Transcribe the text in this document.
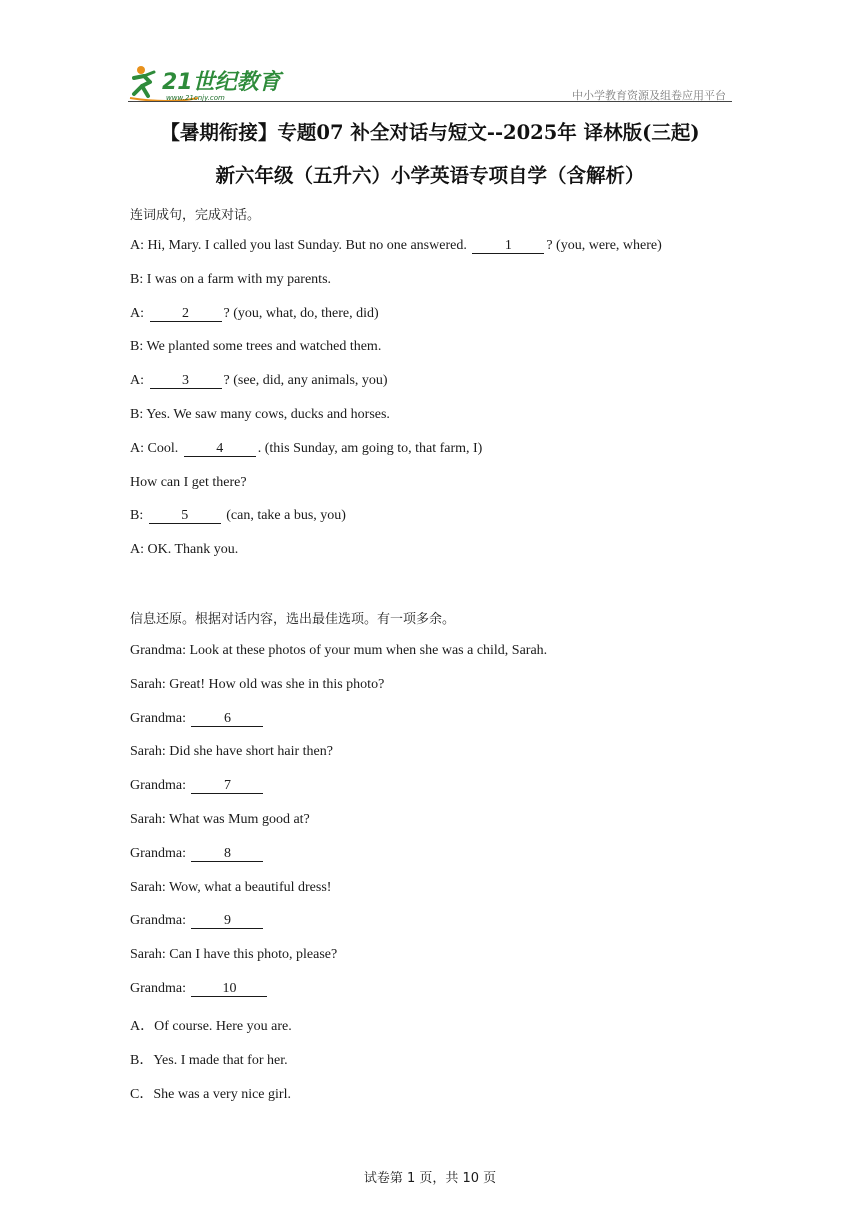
21世纪教育
www.21cnjy.com	中小学教育资源及组卷应用平台
【暑期衔接】专题07 补全对话与短文--2025年 译林版(三起)
新六年级（五升六）小学英语专项自学（含解析）
连词成句，完成对话。
A: Hi, Mary. I called you last Sunday. But no one answered. 1 ? (you, were, where)
B: I was on a farm with my parents.
A: 2 ? (you, what, do, there, did)
B: We planted some trees and watched them.
A: 3 ? (see, did, any animals, you)
B: Yes. We saw many cows, ducks and horses.
A: Cool. 4 . (this Sunday, am going to, that farm, I)
How can I get there?
B: 5 (can, take a bus, you)
A: OK. Thank you.
信息还原。根据对话内容，选出最佳选项。有一项多余。
Grandma: Look at these photos of your mum when she was a child, Sarah.
Sarah: Great! How old was she in this photo?
Grandma: 6
Sarah: Did she have short hair then?
Grandma: 7
Sarah: What was Mum good at?
Grandma: 8
Sarah: Wow, what a beautiful dress!
Grandma: 9
Sarah: Can I have this photo, please?
Grandma: 10
A．Of course. Here you are.
B．Yes. I made that for her.
C．She was a very nice girl.
试卷第 1 页，共 10 页
